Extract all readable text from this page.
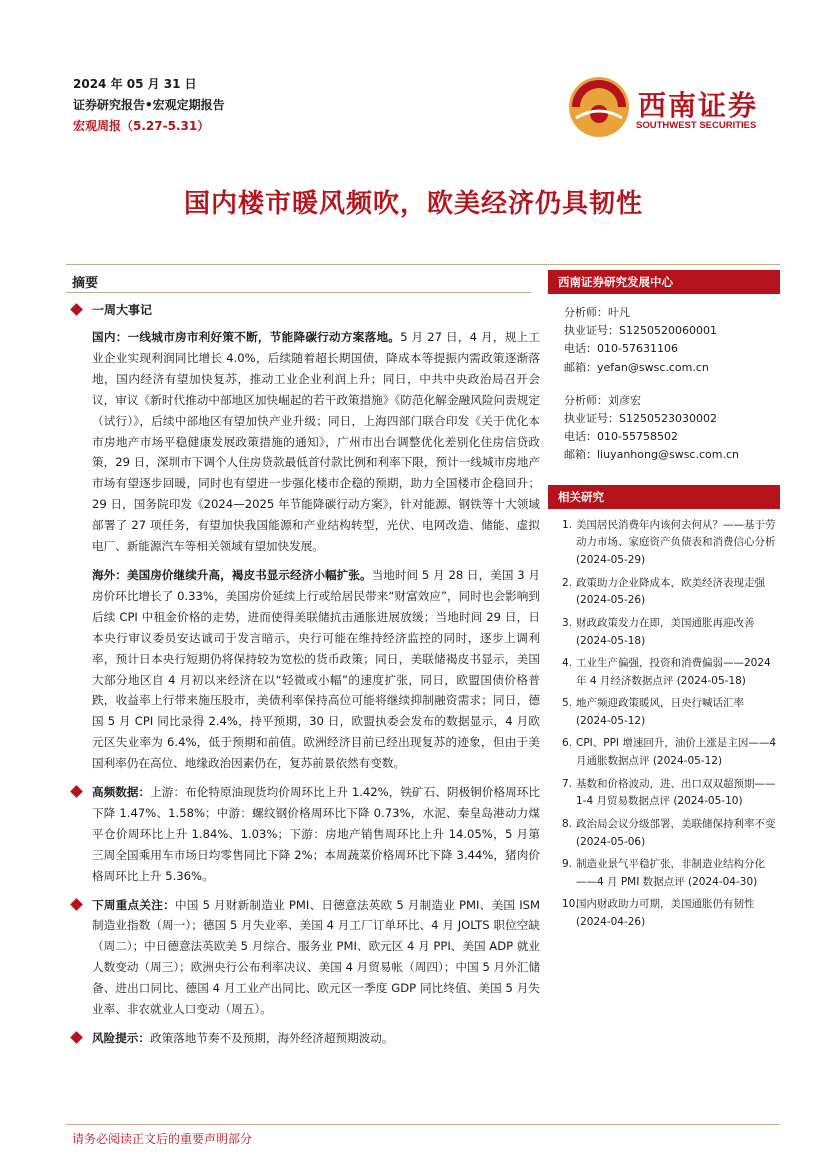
2024 年 05 月 31 日
证券研究报告•宏观定期报告
宏观周报（5.27-5.31）
西南证券
SOUTHWEST SECURITIES
国内楼市暖风频吹，欧美经济仍具韧性
摘要
一周大事记

国内：一线城市房市利好策不断，节能降碳行动方案落地。5 月 27 日，4 月，规上工业企业实现利润同比增长 4.0%，后续随着超长期国债，降成本等提振内需政策逐渐落地，国内经济有望加快复苏，推动工业企业利润上升；同日，中共中央政治局召开会议，审议《新时代推动中部地区加快崛起的若干政策措施》《防范化解金融风险问责规定（试行）》，后续中部地区有望加快产业升级；同日，上海四部门联合印发《关于优化本市房地产市场平稳健康发展政策措施的通知》，广州市出台调整优化差别化住房信贷政策，29 日，深圳市下调个人住房贷款最低首付款比例和利率下限，预计一线城市房地产市场有望逐步回暖，同时也有望进一步强化楼市企稳的预期，助力全国楼市企稳回升；29 日，国务院印发《2024—2025 年节能降碳行动方案》，针对能源、钢铁等十大领域部署了 27 项任务，有望加快我国能源和产业结构转型，光伏、电网改造、储能、虚拟电厂、新能源汽车等相关领域有望加快发展。

海外：美国房价继续升高，褐皮书显示经济小幅扩张。当地时间 5 月 28 日，美国 3 月房价环比增长了 0.33%，美国房价延续上行或给居民带来“财富效应”，同时也会影响到后续 CPI 中租金价格的走势，进而使得美联储抗击通胀进展放缓；当地时间 29 日，日本央行审议委员安达诚司于发言暗示，央行可能在维持经济监控的同时，逐步上调利率，预计日本央行短期仍将保持较为宽松的货币政策；同日，美联储褐皮书显示，美国大部分地区自 4 月初以来经济在以“轻微或小幅”的速度扩张，同日，欧盟国债价格普跌，收益率上行带来施压股市，美债利率保持高位可能将继续抑制融资需求；同日，德国 5 月 CPI 同比录得 2.4%，持平预期，30 日，欧盟执委会发布的数据显示，4 月欧元区失业率为 6.4%，低于预期和前值。欧洲经济目前已经出现复苏的迹象，但由于美国利率仍在高位、地缘政治因素仍在，复苏前景依然有变数。

高频数据：上游：布伦特原油现货均价周环比上升 1.42%，铁矿石、阴极铜价格周环比下降 1.47%、1.58%；中游：螺纹钢价格周环比下降 0.73%，水泥、秦皇岛港动力煤平仓价周环比上升 1.84%、1.03%；下游：房地产销售周环比上升 14.05%，5 月第三周全国乘用车市场日均零售同比下降 2%；本周蔬菜价格周环比下降 3.44%，猪肉价格周环比上升 5.36%。

下周重点关注：中国 5 月财新制造业 PMI、日德意法英欧 5 月制造业 PMI、美国 ISM 制造业指数（周一）；德国 5 月失业率、美国 4 月工厂订单环比、4 月 JOLTS 职位空缺（周二）；中日德意法英欧美 5 月综合、服务业 PMI、欧元区 4 月 PPI、美国 ADP 就业人数变动（周三）；欧洲央行公布利率决议、美国 4 月贸易帐（周四）；中国 5 月外汇储备、进出口同比、德国 4 月工业产出同比、欧元区一季度 GDP 同比终值、美国 5 月失业率、非农就业人口变动（周五）。

风险提示：政策落地节奏不及预期，海外经济超预期波动。

西南证券研究发展中心
分析师：叶凡
执业证号：S1250520060001
电话：010-57631106
邮箱：yefan@swsc.com.cn
分析师：刘彦宏
执业证号：S1250523030002
电话：010-55758502
邮箱：liuyanhong@swsc.com.cn
相关研究
1. 美国居民消费年内该何去何从？——基于劳动力市场、家庭资产负债表和消费信心分析 (2024-05-29)
2. 政策助力企业降成本，欧美经济表现走强 (2024-05-26)
3. 财政政策发力在即，美国通胀再迎改善 (2024-05-18)
4. 工业生产偏强，投资和消费偏弱——2024 年 4 月经济数据点评 (2024-05-18)
5. 地产频迎政策暖风，日央行喊话汇率 (2024-05-12)
6. CPI、PPI 增速回升，油价上涨是主因——4 月通胀数据点评 (2024-05-12)
7. 基数和价格波动，进、出口双双超预期——1-4 月贸易数据点评 (2024-05-10)
8. 政治局会议分级部署，美联储保持利率不变 (2024-05-06)
9. 制造业景气平稳扩张，非制造业结构分化——4 月 PMI 数据点评 (2024-04-30)
10.
国内财政助力可期，美国通胀仍有韧性 (2024-04-26)
请务必阅读正文后的重要声明部分
